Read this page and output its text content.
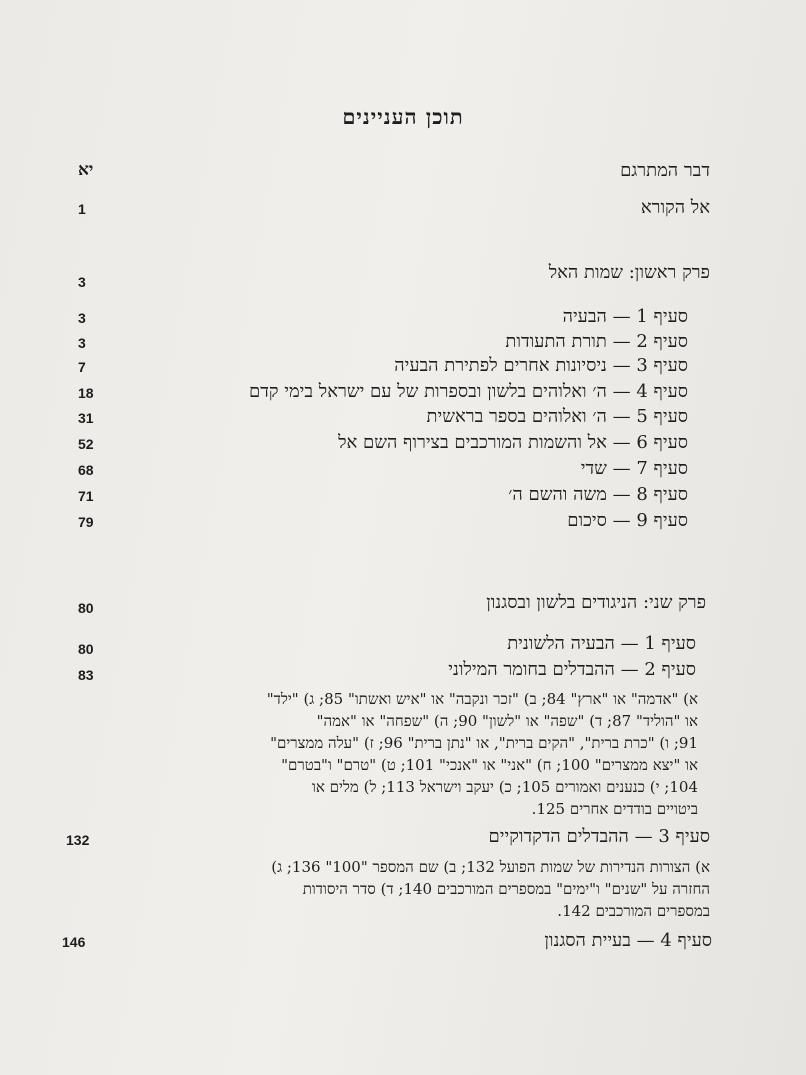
תוכן העניינים
דבר המתרגם
יא
אל הקורא
1
פרק ראשון: שמות האל
3
סעיף 1 — הבעיה
3
סעיף 2 — תורת התעודות
3
סעיף 3 — ניסיונות אחרים לפתירת הבעיה
7
סעיף 4 — ה׳ ואלוהים בלשון ובספרות של עם ישראל בימי קדם
18
סעיף 5 — ה׳ ואלוהים בספר בראשית
31
סעיף 6 — אל והשמות המורכבים בצירוף השם אל
52
סעיף 7 — שדי
68
סעיף 8 — משה והשם ה׳
71
סעיף 9 — סיכום
79
פרק שני: הניגודים בלשון ובסגנון
80
סעיף 1 — הבעיה הלשונית
80
סעיף 2 — ההבדלים בחומר המילוני
83
א) "אדמה" או "ארץ" 84; ב) "זכר ונקבה" או "איש ואשתו" 85; ג) "ילד"
או "הוליד" 87; ד) "שפה" או "לשון" 90; ה) "שפחה" או "אמה"
91; ו) "כרת ברית", "הקים ברית", או "נתן ברית" 96; ז) "עלה ממצרים"
או "יצא ממצרים" 100; ח) "אני" או "אנכי" 101; ט) "טרם" ו"בטרם"
104; י) כנענים ואמורים 105; כ) יעקב וישראל 113; ל) מלים או
ביטויים בודדים אחרים 125.
סעיף 3 — ההבדלים הדקדוקיים
132
א) הצורות הנדירות של שמות הפועל 132; ב) שם המספר "100" 136; ג)
החזרה על "שנים" ו"ימים" במספרים המורכבים 140; ד) סדר היסודות
במספרים המורכבים 142.
סעיף 4 — בעיית הסגנון
146
